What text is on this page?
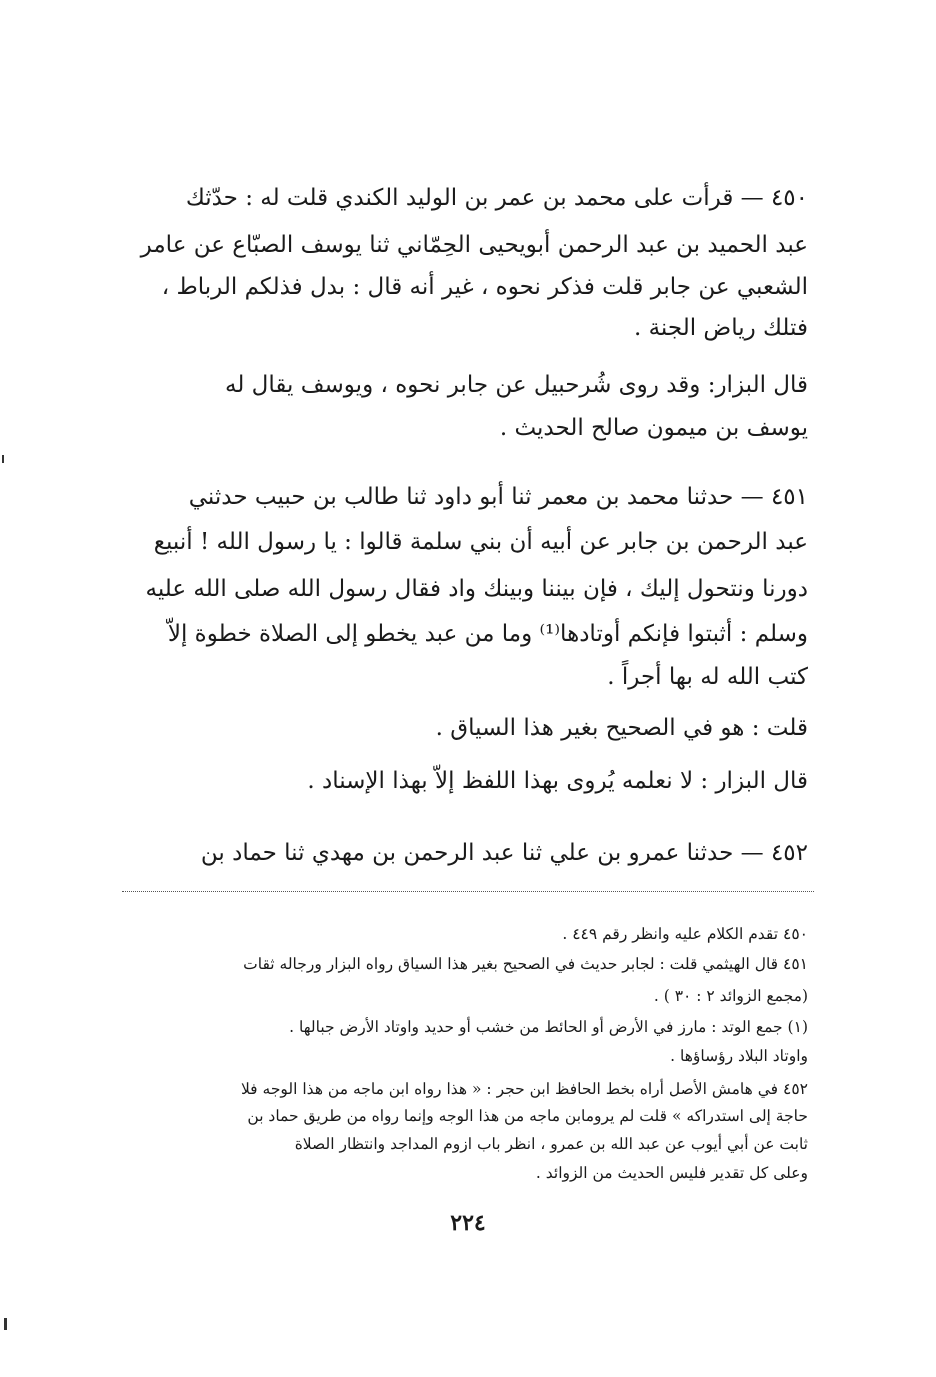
٤٥٠ — قرأت على محمد بن عمر بن الوليد الكندي قلت له : حدّثك
عبد الحميد بن عبد الرحمن أبويحيى الحِمّاني ثنا يوسف الصبّاع عن عامر
الشعبي عن جابر قلت فذكر نحوه ، غير أنه قال : بدل فذلكم الرباط ،
فتلك رياض الجنة .
قال البزار: وقد روى شُرحبيل عن جابر نحوه ، ويوسف يقال له
يوسف بن ميمون صالح الحديث .
٤٥١ — حدثنا محمد بن معمر ثنا أبو داود ثنا طالب بن حبيب حدثني
عبد الرحمن بن جابر عن أبيه أن بني سلمة قالوا : يا رسول الله ! أنبيع
دورنا ونتحول إليك ، فإن بيننا وبينك واد فقال رسول الله صلى الله عليه
وسلم : أثبتوا فإنكم أوتادها⁽¹⁾ وما من عبد يخطو إلى الصلاة خطوة إلاّ
كتب الله له بها أجراً .
قلت : هو في الصحيح بغير هذا السياق .
قال البزار : لا نعلمه يُروى بهذا اللفظ إلاّ بهذا الإسناد .
٤٥٢ — حدثنا عمرو بن علي ثنا عبد الرحمن بن مهدي ثنا حماد بن
٤٥٠ تقدم الكلام عليه وانظر رقم ٤٤٩ .
٤٥١ قال الهيثمي قلت : لجابر حديث في الصحيح بغير هذا السياق رواه البزار ورجاله ثقات
(مجمع الزوائد ٢ : ٣٠ ) .
(١) جمع الوتد : مارز في الأرض أو الحائط من خشب أو حديد واوتاد الأرض جبالها .
واوتاد البلاد رؤساؤها .
٤٥٢ في هامش الأصل أراه بخط الحافظ ابن حجر : « هذا رواه ابن ماجه من هذا الوجه فلا
حاجة إلى استدراكه » قلت لم يرومابن ماجه من هذا الوجه وإنما رواه من طريق حماد بن
ثابت عن أبي أيوب عن عبد الله بن عمرو ، انظر باب ازوم المداجد وانتظار الصلاة
وعلى كل تقدير فليس الحديث من الزوائد .
٢٢٤
